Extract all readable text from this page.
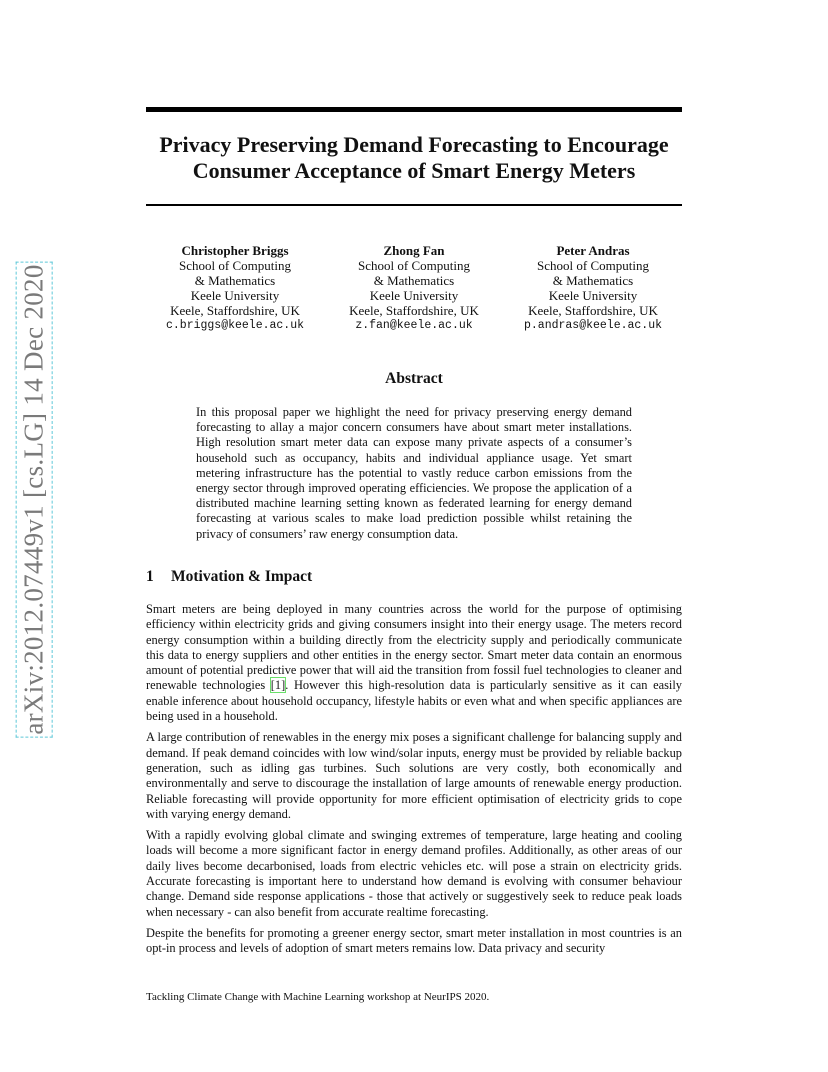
arXiv:2012.07449v1 [cs.LG] 14 Dec 2020
Privacy Preserving Demand Forecasting to Encourage Consumer Acceptance of Smart Energy Meters
Christopher Briggs
School of Computing
& Mathematics
Keele University
Keele, Staffordshire, UK
c.briggs@keele.ac.uk
Zhong Fan
School of Computing
& Mathematics
Keele University
Keele, Staffordshire, UK
z.fan@keele.ac.uk
Peter Andras
School of Computing
& Mathematics
Keele University
Keele, Staffordshire, UK
p.andras@keele.ac.uk
Abstract

In this proposal paper we highlight the need for privacy preserving energy demand forecasting to allay a major concern consumers have about smart meter installations. High resolution smart meter data can expose many private aspects of a consumer’s household such as occupancy, habits and individual appliance usage. Yet smart metering infrastructure has the potential to vastly reduce carbon emissions from the energy sector through improved operating efficiencies. We propose the application of a distributed machine learning setting known as federated learning for energy demand forecasting at various scales to make load prediction possible whilst retaining the privacy of consumers’ raw energy consumption data.

1 Motivation & Impact

Smart meters are being deployed in many countries across the world for the purpose of optimising efficiency within electricity grids and giving consumers insight into their energy usage. The meters record energy consumption within a building directly from the electricity supply and periodically communicate this data to energy suppliers and other entities in the energy sector. Smart meter data contain an enormous amount of potential predictive power that will aid the transition from fossil fuel technologies to cleaner and renewable technologies [1]. However this high-resolution data is particularly sensitive as it can easily enable inference about household occupancy, lifestyle habits or even what and when specific appliances are being used in a household.

A large contribution of renewables in the energy mix poses a significant challenge for balancing supply and demand. If peak demand coincides with low wind/solar inputs, energy must be provided by reliable backup generation, such as idling gas turbines. Such solutions are very costly, both economically and environmentally and serve to discourage the installation of large amounts of renewable energy production. Reliable forecasting will provide opportunity for more efficient optimisation of electricity grids to cope with varying energy demand.

With a rapidly evolving global climate and swinging extremes of temperature, large heating and cooling loads will become a more significant factor in energy demand profiles. Additionally, as other areas of our daily lives become decarbonised, loads from electric vehicles etc. will pose a strain on electricity grids. Accurate forecasting is important here to understand how demand is evolving with consumer behaviour change. Demand side response applications - those that actively or suggestively seek to reduce peak loads when necessary - can also benefit from accurate realtime forecasting.

Despite the benefits for promoting a greener energy sector, smart meter installation in most countries is an opt-in process and levels of adoption of smart meters remains low. Data privacy and security

Tackling Climate Change with Machine Learning workshop at NeurIPS 2020.
